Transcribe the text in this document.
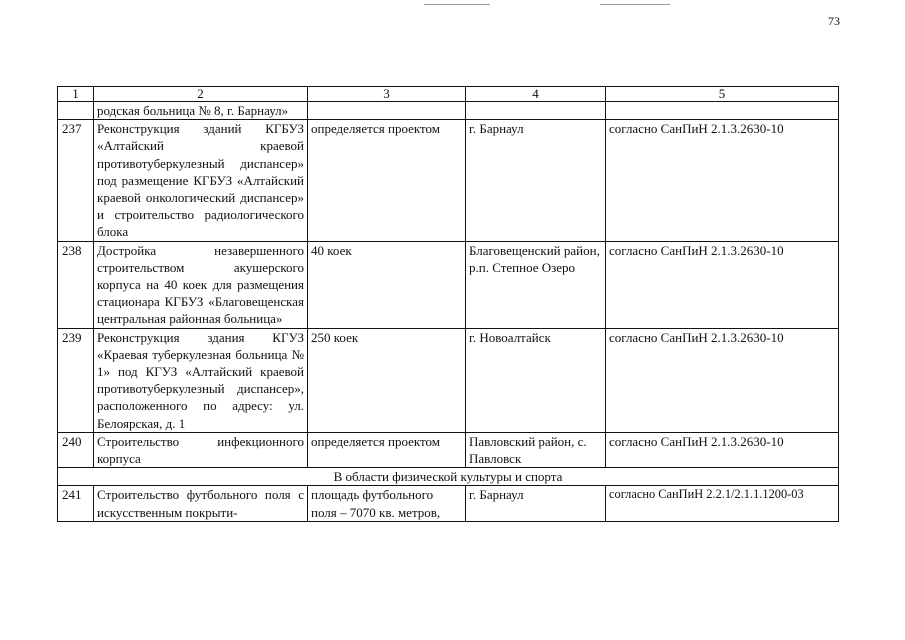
73
1	2	3	4	5
	родская больница № 8, г. Барнаул»			
237	Реконструкция зданий КГБУЗ «Алтайский краевой противотуберкулезный диспансер» под размещение КГБУЗ «Алтайский краевой онкологический диспансер» и строительство радиологического блока	определяется проектом	г. Барнаул	согласно СанПиН 2.1.3.2630-10
238	Достройка незавершенного строительством акушерского корпуса на 40 коек для размещения стационара КГБУЗ «Благовещенская центральная районная больница»	40 коек	Благовещенский район, р.п. Степное Озеро	согласно СанПиН 2.1.3.2630-10
239	Реконструкция здания КГУЗ «Краевая туберкулезная больница № 1» под КГУЗ «Алтайский краевой противотуберкулезный диспансер», расположенного по адресу: ул. Белоярская, д. 1	250 коек	г. Новоалтайск	согласно СанПиН 2.1.3.2630-10
240	Строительство инфекционного корпуса	определяется проектом	Павловский район, с. Павловск	согласно СанПиН 2.1.3.2630-10
В области физической культуры и спорта				
241	Строительство футбольного поля с искусственным покрыти-	площадь футбольного поля – 7070 кв. метров,	г. Барнаул	согласно СанПиН 2.2.1/2.1.1.1200-03
